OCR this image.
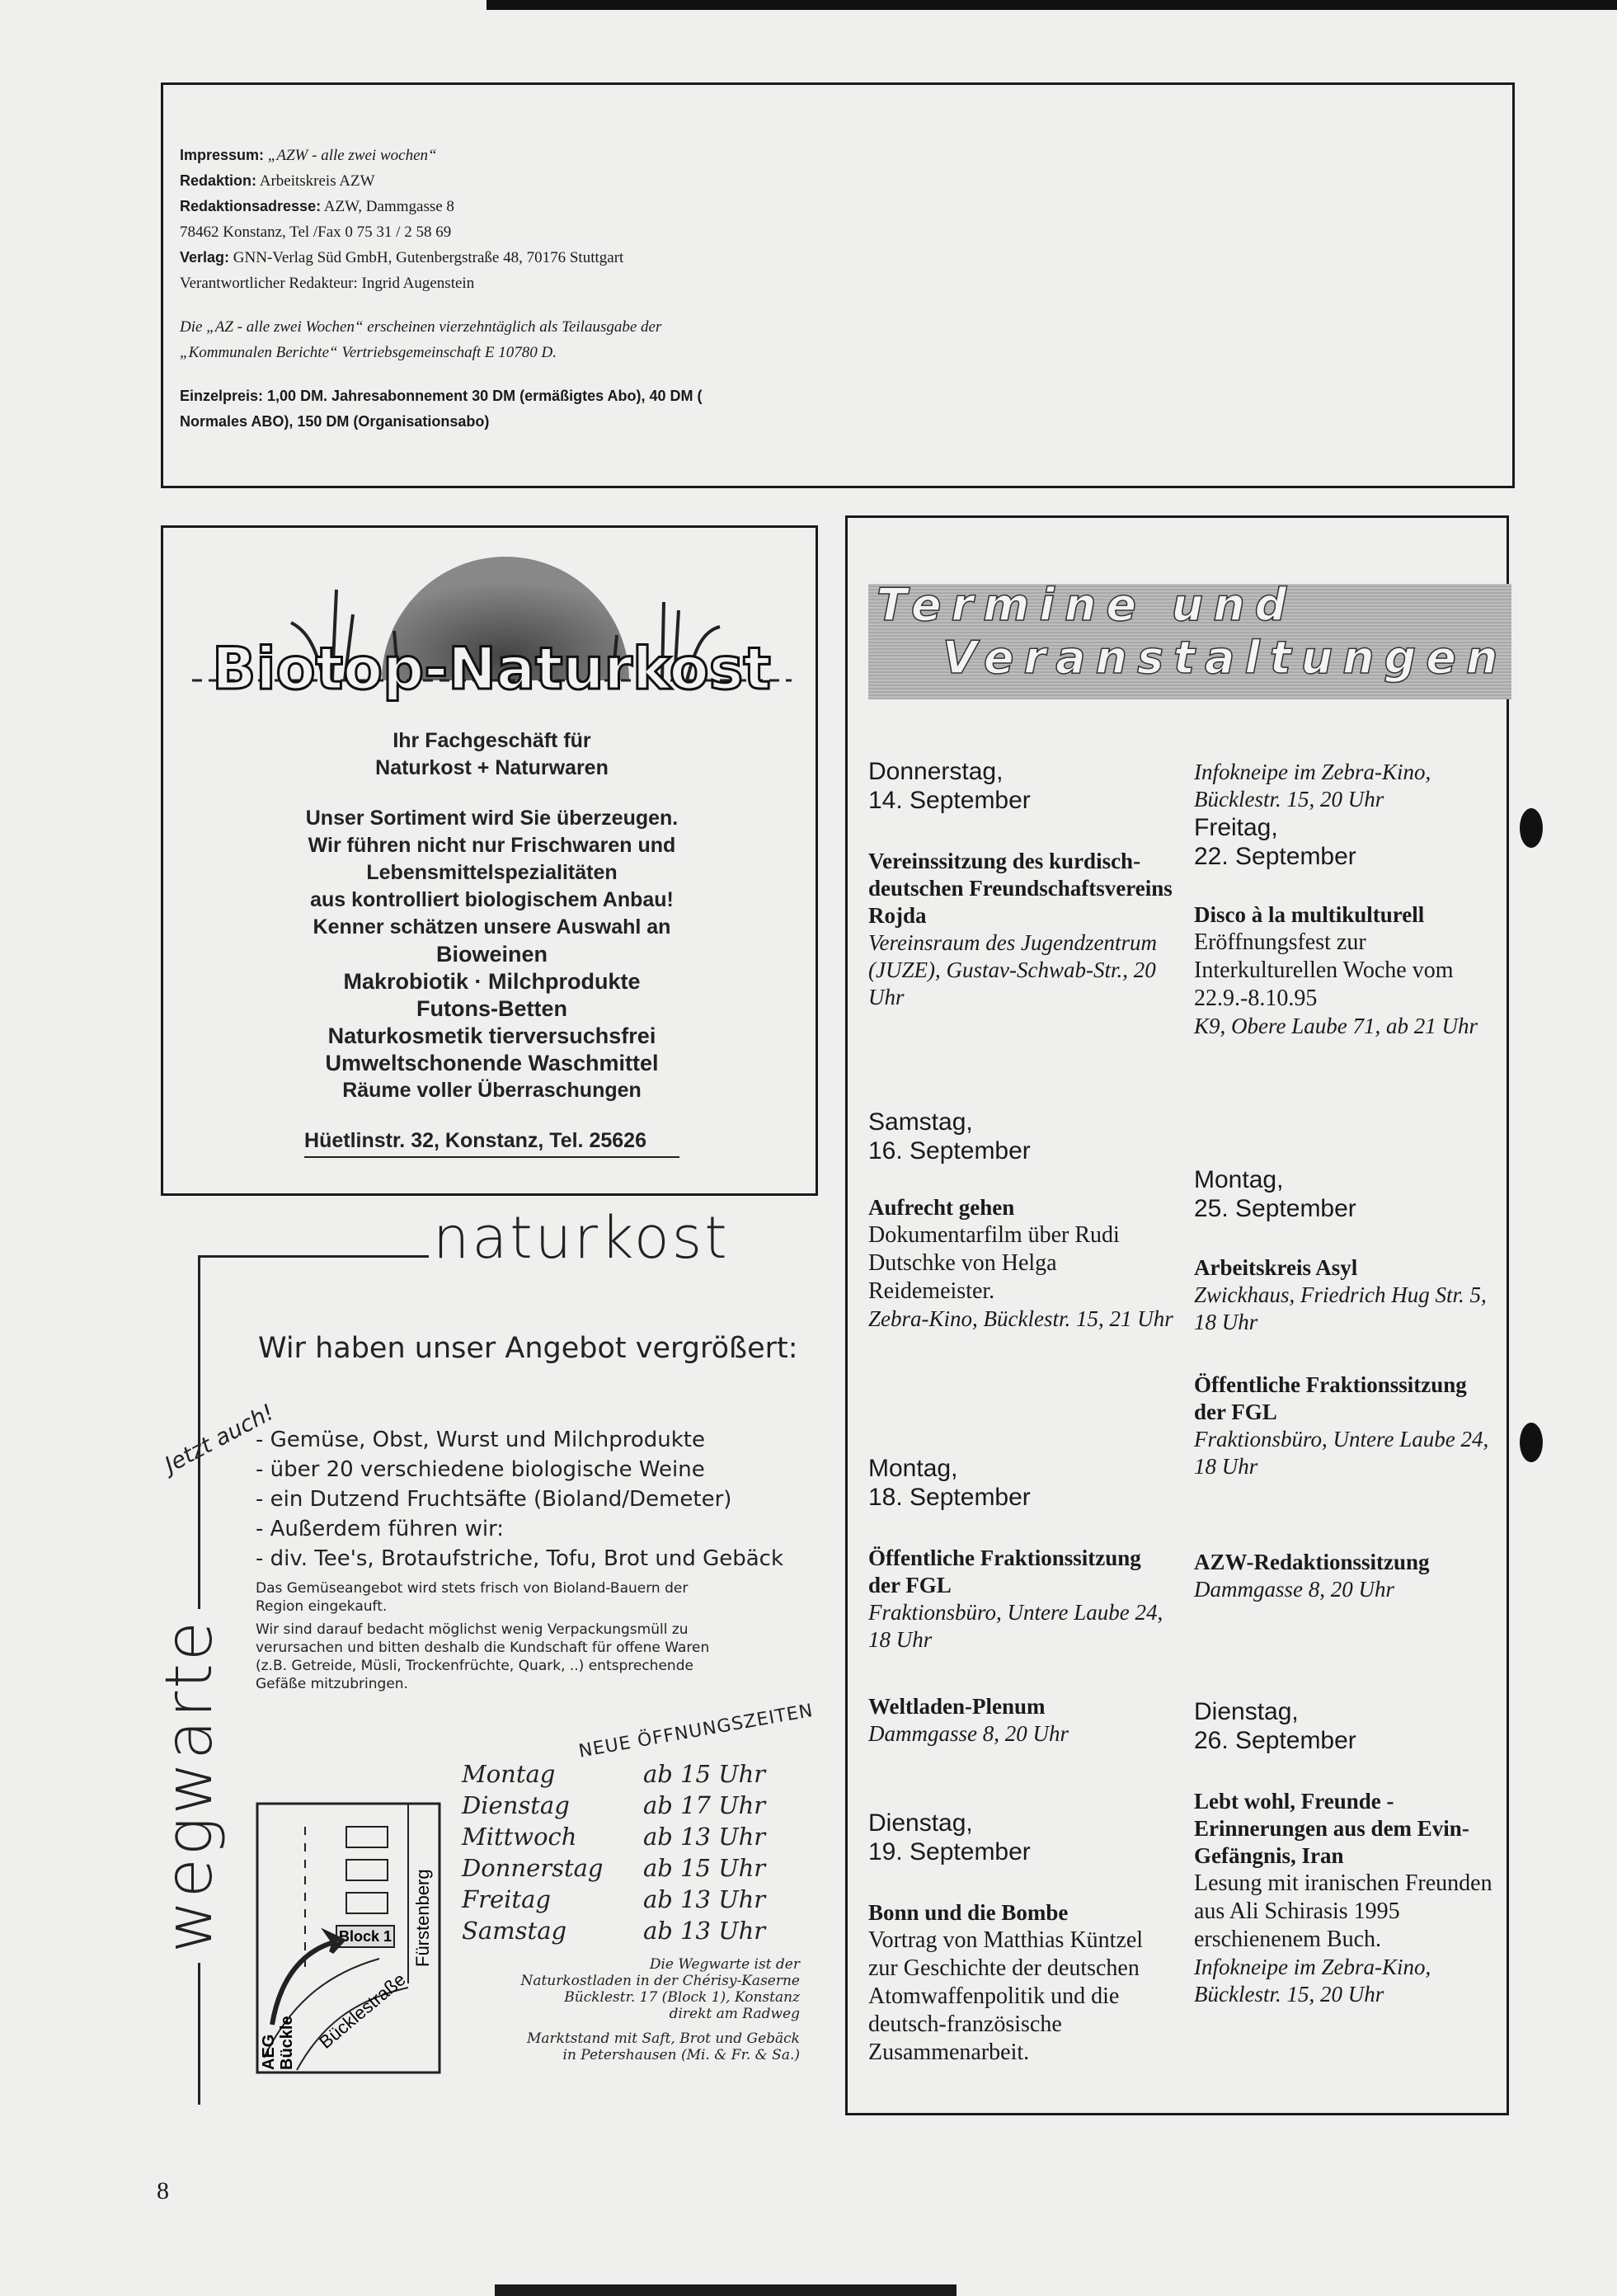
Impressum: „AZW - alle zwei wochen“
Redaktion: Arbeitskreis AZW
Redaktionsadresse: AZW, Dammgasse 8
78462 Konstanz, Tel /Fax 0 75 31 / 2 58 69
Verlag: GNN-Verlag Süd GmbH, Gutenbergstraße 48, 70176 Stuttgart
Verantwortlicher Redakteur: Ingrid Augenstein
Die „AZ - alle zwei Wochen“ erscheinen vierzehntäglich als Teilausgabe der
„Kommunalen Berichte“ Vertriebsgemeinschaft E 10780 D.
Einzelpreis: 1,00 DM. Jahresabonnement 30 DM (ermäßigtes Abo), 40 DM (
Normales ABO), 150 DM (Organisationsabo)
Biotop-Naturkost
Ihr Fachgeschäft für
Naturkost + Naturwaren
Unser Sortiment wird Sie überzeugen.
Wir führen nicht nur Frischwaren und
Lebensmittelspezialitäten
aus kontrolliert biologischem Anbau!
Kenner schätzen unsere Auswahl an
Bioweinen
Makrobiotik · Milchprodukte
Futons-Betten
Naturkosmetik tierversuchsfrei
Umweltschonende Waschmittel
Räume voller Überraschungen
Hüetlinstr. 32, Konstanz, Tel. 25626
naturkost
wegwarte
Wir haben unser Angebot vergrößert:
Jetzt auch!
- Gemüse, Obst, Wurst und Milchprodukte
- über 20 verschiedene biologische Weine
- ein Dutzend Fruchtsäfte (Bioland/Demeter)
- Außerdem führen wir:
- div. Tee's, Brotaufstriche, Tofu, Brot und Gebäck

Das Gemüseangebot wird stets frisch von Bioland-Bauern der Region eingekauft.

Wir sind darauf bedacht möglichst wenig Verpackungsmüll zu verursachen und bitten deshalb die Kundschaft für offene Waren (z.B. Getreide, Müsli, Trockenfrüchte, Quark, ..) entsprechende Gefäße mitzubringen.

NEUE ÖFFNUNGSZEITEN
Montag	ab 15 Uhr
Dienstag	ab 17 Uhr
Mittwoch	ab 13 Uhr
Donnerstag	ab 15 Uhr
Freitag	ab 13 Uhr
Samstag	ab 13 Uhr
Block 1 Fürstenberg
Bücklestraße
AEG Bückle
Die Wegwarte ist der
Naturkostladen in der Chérisy-Kaserne
Bücklestr. 17 (Block 1), Konstanz
direkt am Radweg
Marktstand mit Saft, Brot und Gebäck
in Petershausen (Mi. & Fr. & Sa.)
Termine und
Veranstaltungen
Donnerstag,
14. September
Vereinssitzung des kurdisch-deutschen Freundschaftsvereins Rojda
Vereinsraum des Jugendzentrum (JUZE), Gustav-Schwab-Str., 20 Uhr
Samstag,
16. September
Aufrecht gehen
Dokumentarfilm über Rudi Dutschke von Helga Reidemeister.
Zebra-Kino, Bücklestr. 15, 21 Uhr
Montag,
18. September
Öffentliche Fraktionssitzung der FGL
Fraktionsbüro, Untere Laube 24, 18 Uhr
Weltladen-Plenum
Dammgasse 8, 20 Uhr
Dienstag,
19. September
Bonn und die Bombe
Vortrag von Matthias Küntzel zur Geschichte der deutschen Atomwaffenpolitik und die deutsch-französische Zusammenarbeit.
Infokneipe im Zebra-Kino, Bücklestr. 15, 20 Uhr
Freitag,
22. September
Disco à la multikulturell
Eröffnungsfest zur Interkulturellen Woche vom 22.9.-8.10.95
K9, Obere Laube 71, ab 21 Uhr
Montag,
25. September
Arbeitskreis Asyl
Zwickhaus, Friedrich Hug Str. 5, 18 Uhr
Öffentliche Fraktionssitzung der FGL
Fraktionsbüro, Untere Laube 24, 18 Uhr
AZW-Redaktionssitzung
Dammgasse 8, 20 Uhr
Dienstag,
26. September
Lebt wohl, Freunde - Erinnerungen aus dem Evin-Gefängnis, Iran
Lesung mit iranischen Freunden aus Ali Schirasis 1995 erschienenem Buch.
Infokneipe im Zebra-Kino, Bücklestr. 15, 20 Uhr
8
